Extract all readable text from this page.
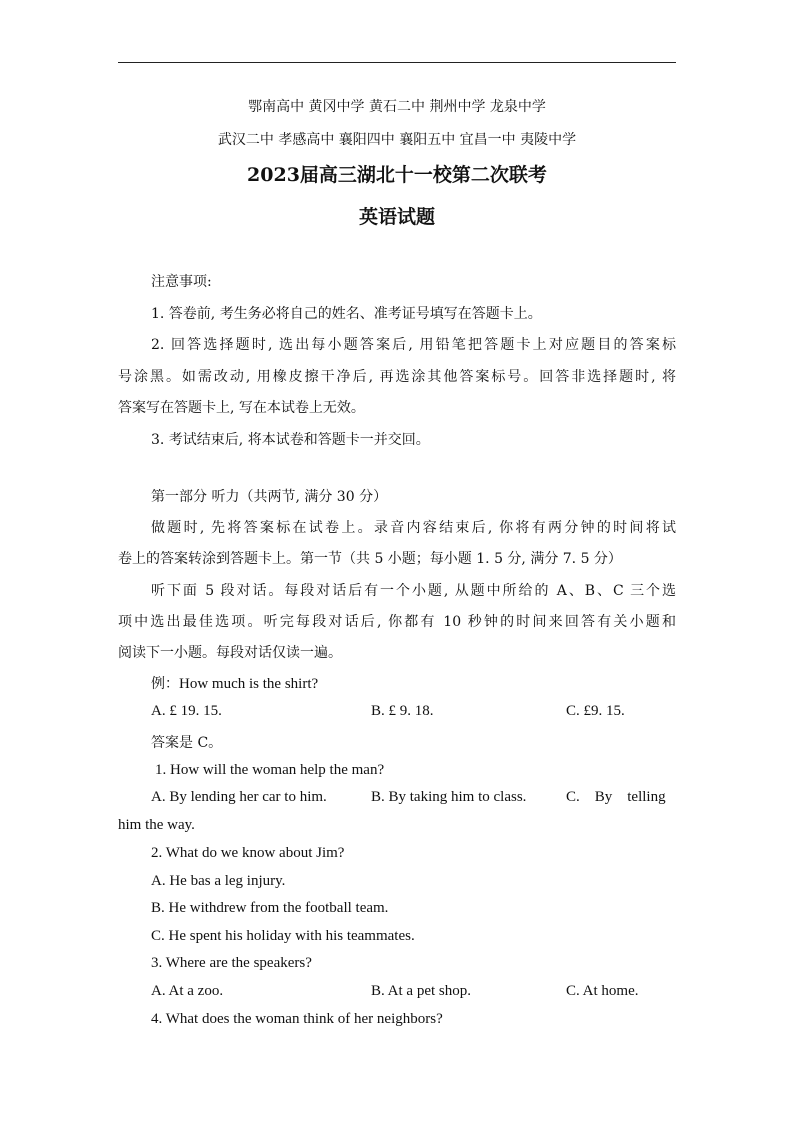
鄂南高中 黄冈中学 黄石二中 荆州中学 龙泉中学
武汉二中 孝感高中 襄阳四中 襄阳五中 宜昌一中 夷陵中学
2023届高三湖北十一校第二次联考
英语试题
注意事项:
1. 答卷前, 考生务必将自己的姓名、准考证号填写在答题卡上。
2. 回答选择题时, 选出每小题答案后, 用铅笔把答题卡上对应题目的答案标
号涂黑。如需改动, 用橡皮擦干净后, 再选涂其他答案标号。回答非选择题时, 将
答案写在答题卡上, 写在本试卷上无效。
3. 考试结束后, 将本试卷和答题卡一并交回。
第一部分 听力（共两节, 满分 30 分）
做题时, 先将答案标在试卷上。录音内容结束后, 你将有两分钟的时间将试
卷上的答案转涂到答题卡上。第一节（共 5 小题；每小题 1. 5 分, 满分 7. 5 分）
听下面 5 段对话。每段对话后有一个小题, 从题中所给的 A、B、C 三个选
项中选出最佳选项。听完每段对话后, 你都有 10 秒钟的时间来回答有关小题和
阅读下一小题。每段对话仅读一遍。
例：How much is the shirt?
A. £ 19. 15.	B. £ 9. 18.	C. £9. 15.
答案是 C。
1. How will the woman help the man?
A. By lending her car to him.	B. By taking him to class.	C.    By    telling
him the way.
2. What do we know about Jim?
A. He bas a leg injury.
B. He withdrew from the football team.
C. He spent his holiday with his teammates.
3. Where are the speakers?
A. At a zoo.	B. At a pet shop.	C. At home.
4. What does the woman think of her neighbors?
